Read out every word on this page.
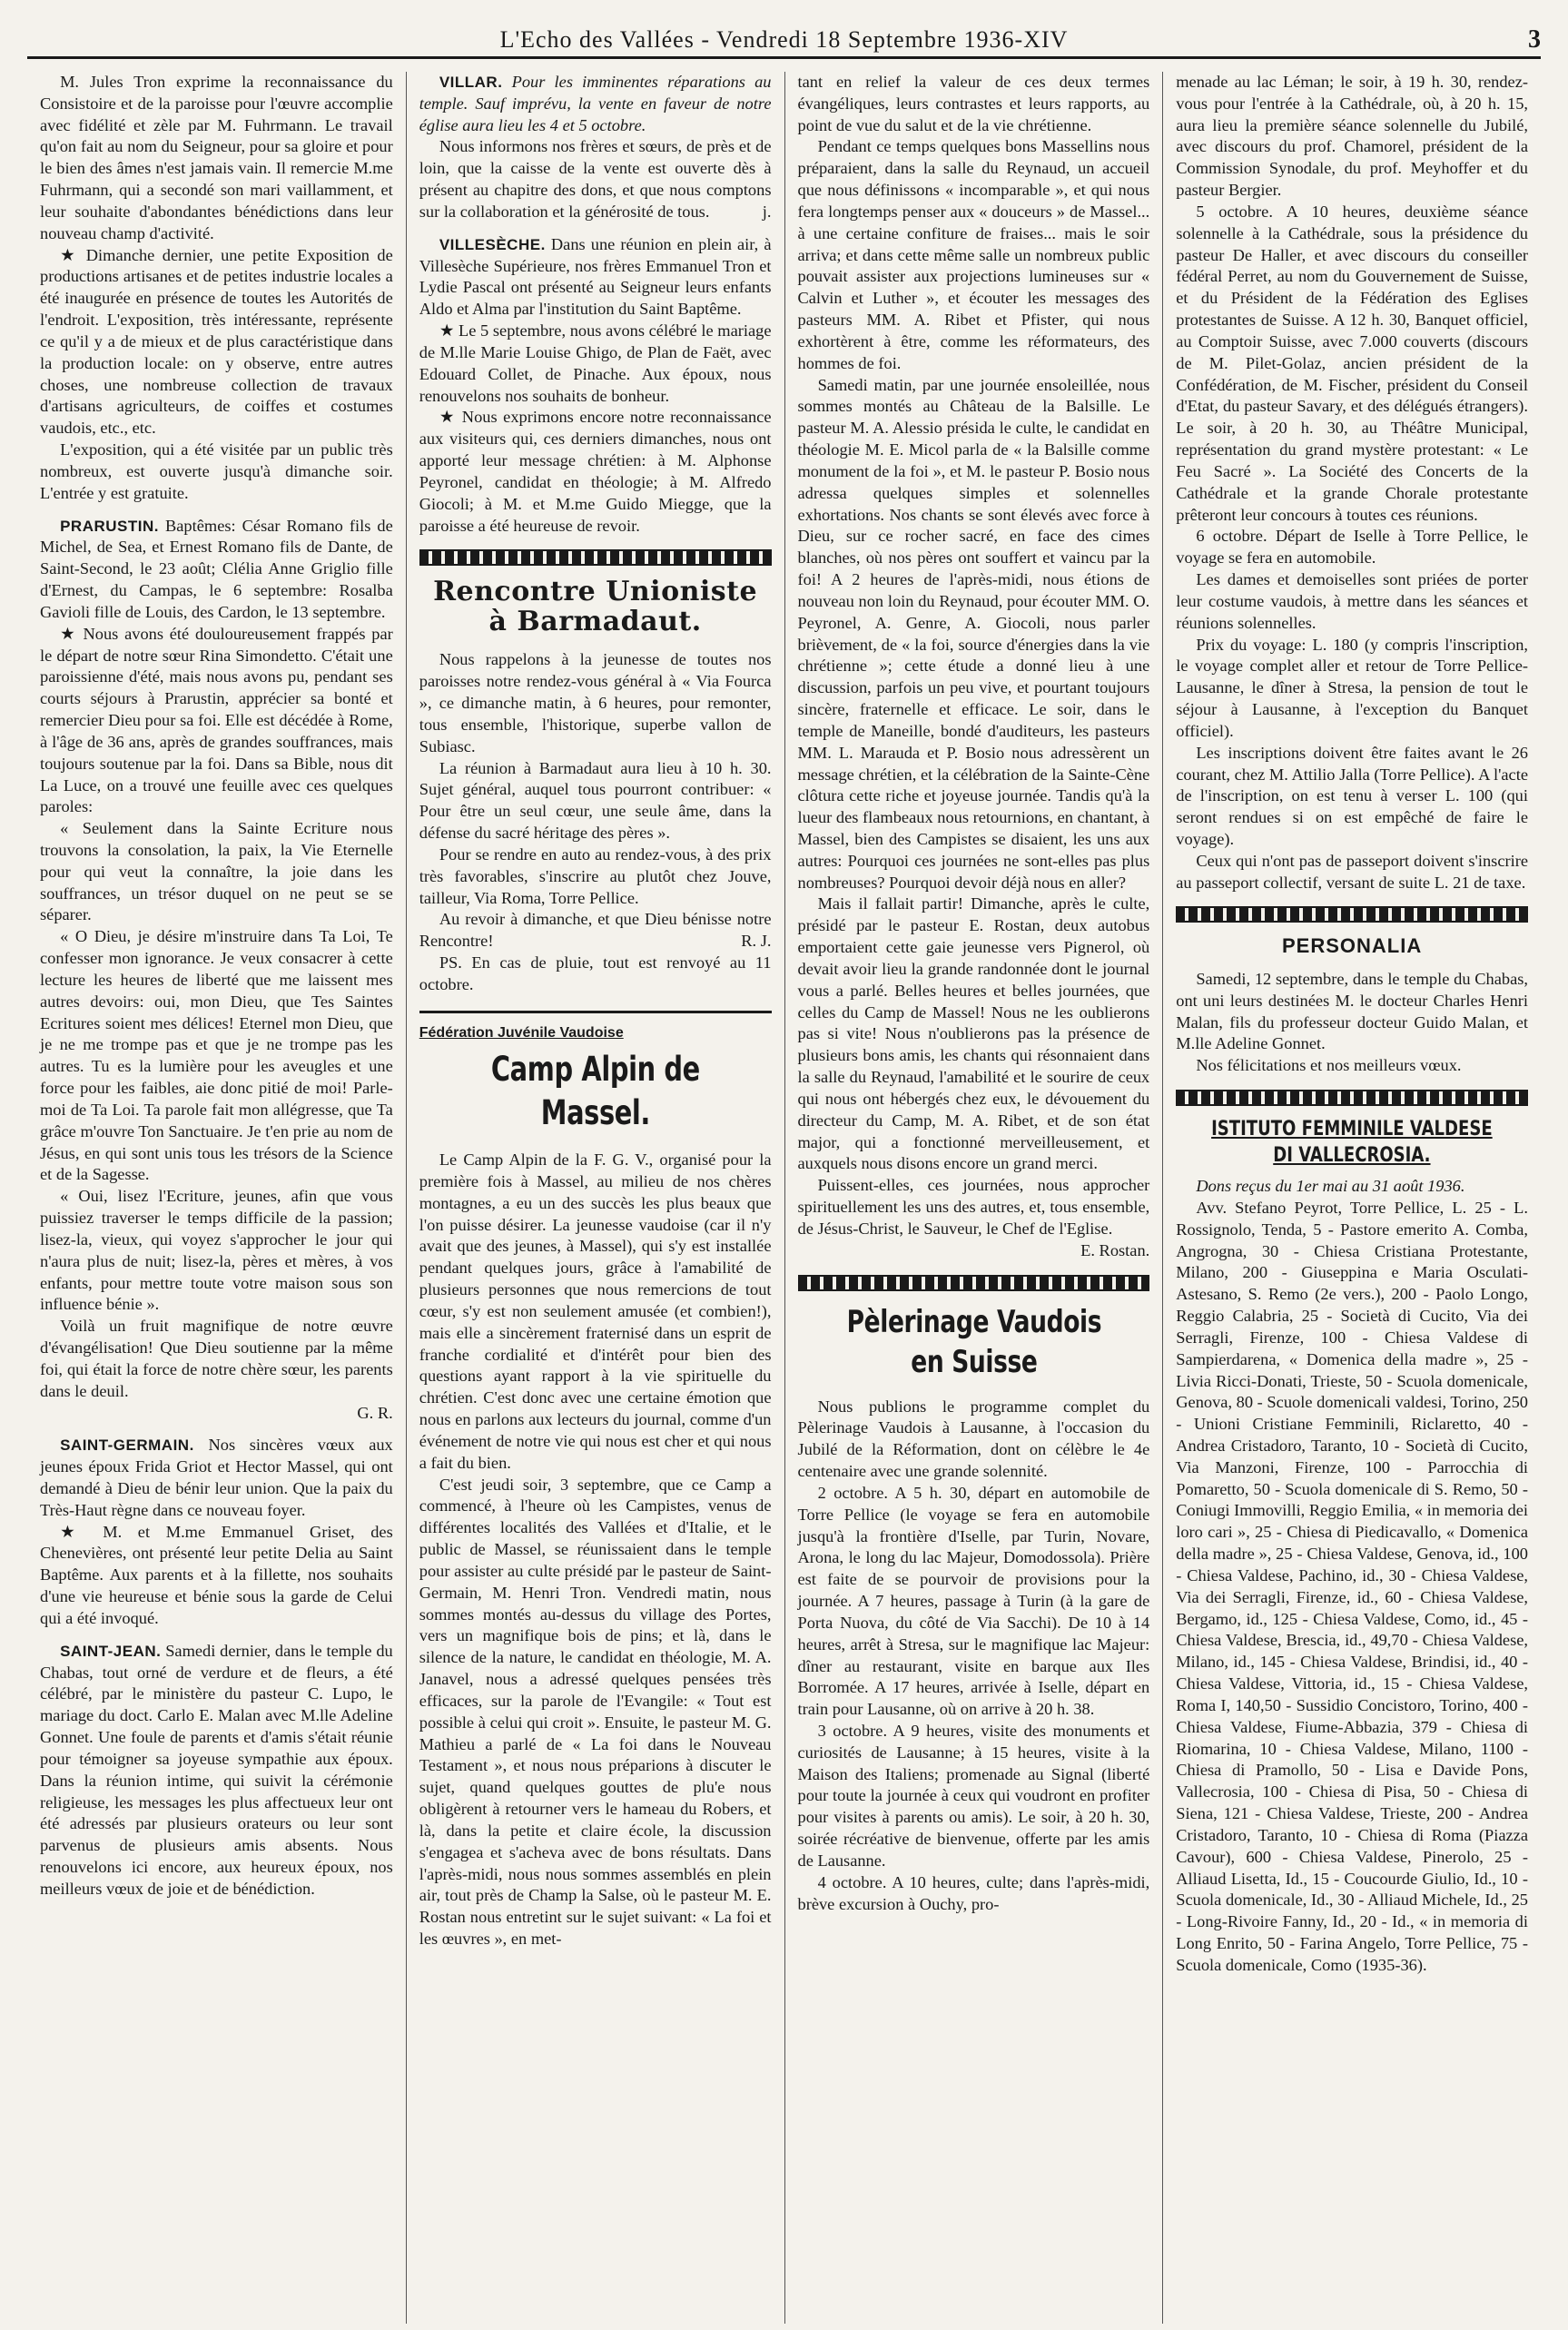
L'Echo des Vallées - Vendredi 18 Septembre 1936-XIV	3

M. Jules Tron exprime la reconnaissance du Consistoire et de la paroisse pour l'œuvre accomplie avec fidélité et zèle par M. Fuhrmann. Le travail qu'on fait au nom du Seigneur, pour sa gloire et pour le bien des âmes n'est jamais vain. Il remercie M.me Fuhrmann, qui a secondé son mari vaillamment, et leur souhaite d'abondantes bénédictions dans leur nouveau champ d'activité.

★ Dimanche dernier, une petite Exposition de productions artisanes et de petites industrie locales a été inaugurée en présence de toutes les Autorités de l'endroit. L'exposition, très intéressante, représente ce qu'il y a de mieux et de plus caractéristique dans la production locale: on y observe, entre autres choses, une nombreuse collection de travaux d'artisans agriculteurs, de coiffes et costumes vaudois, etc., etc.

L'exposition, qui a été visitée par un public très nombreux, est ouverte jusqu'à dimanche soir. L'entrée y est gratuite.

PRARUSTIN. Baptêmes: César Romano fils de Michel, de Sea, et Ernest Romano fils de Dante, de Saint-Second, le 23 août; Clélia Anne Griglio fille d'Ernest, du Campas, le 6 septembre: Rosalba Gavioli fille de Louis, des Cardon, le 13 septembre.

★ Nous avons été douloureusement frappés par le départ de notre sœur Rina Simondetto. C'était une paroissienne d'été, mais nous avons pu, pendant ses courts séjours à Prarustin, apprécier sa bonté et remercier Dieu pour sa foi. Elle est décédée à Rome, à l'âge de 36 ans, après de grandes souffrances, mais toujours soutenue par la foi. Dans sa Bible, nous dit La Luce, on a trouvé une feuille avec ces quelques paroles:

« Seulement dans la Sainte Ecriture nous trouvons la consolation, la paix, la Vie Eternelle pour qui veut la connaître, la joie dans les souffrances, un trésor duquel on ne peut se se séparer.

« O Dieu, je désire m'instruire dans Ta Loi, Te confesser mon ignorance. Je veux consacrer à cette lecture les heures de liberté que me laissent mes autres devoirs: oui, mon Dieu, que Tes Saintes Ecritures soient mes délices! Eternel mon Dieu, que je ne me trompe pas et que je ne trompe pas les autres. Tu es la lumière pour les aveugles et une force pour les faibles, aie donc pitié de moi! Parle-moi de Ta Loi. Ta parole fait mon allégresse, que Ta grâce m'ouvre Ton Sanctuaire. Je t'en prie au nom de Jésus, en qui sont unis tous les trésors de la Science et de la Sagesse.

« Oui, lisez l'Ecriture, jeunes, afin que vous puissiez traverser le temps difficile de la passion; lisez-la, vieux, qui voyez s'approcher le jour qui n'aura plus de nuit; lisez-la, pères et mères, à vos enfants, pour mettre toute votre maison sous son influence bénie ».

Voilà un fruit magnifique de notre œuvre d'évangélisation! Que Dieu soutienne par la même foi, qui était la force de notre chère sœur, les parents dans le deuil.

G. R.

SAINT-GERMAIN. Nos sincères vœux aux jeunes époux Frida Griot et Hector Massel, qui ont demandé à Dieu de bénir leur union. Que la paix du Très-Haut règne dans ce nouveau foyer.

★ M. et M.me Emmanuel Griset, des Chenevières, ont présenté leur petite Delia au Saint Baptême. Aux parents et à la fillette, nos souhaits d'une vie heureuse et bénie sous la garde de Celui qui a été invoqué.

SAINT-JEAN. Samedi dernier, dans le temple du Chabas, tout orné de verdure et de fleurs, a été célébré, par le ministère du pasteur C. Lupo, le mariage du doct. Carlo E. Malan avec M.lle Adeline Gonnet. Une foule de parents et d'amis s'était réunie pour témoigner sa joyeuse sympathie aux époux. Dans la réunion intime, qui suivit la cérémonie religieuse, les messages les plus affectueux leur ont été adressés par plusieurs orateurs ou leur sont parvenus de plusieurs amis absents. Nous renouvelons ici encore, aux heureux époux, nos meilleurs vœux de joie et de bénédiction.

VILLAR. Pour les imminentes réparations au temple. Sauf imprévu, la vente en faveur de notre église aura lieu les 4 et 5 octobre.

Nous informons nos frères et sœurs, de près et de loin, que la caisse de la vente est ouverte dès à présent au chapitre des dons, et que nous comptons sur la collaboration et la générosité de tous.	j.

VILLESÈCHE. Dans une réunion en plein air, à Villesèche Supérieure, nos frères Emmanuel Tron et Lydie Pascal ont présenté au Seigneur leurs enfants Aldo et Alma par l'institution du Saint Baptême.

★ Le 5 septembre, nous avons célébré le mariage de M.lle Marie Louise Ghigo, de Plan de Faët, avec Edouard Collet, de Pinache. Aux époux, nous renouvelons nos souhaits de bonheur.

★ Nous exprimons encore notre reconnaissance aux visiteurs qui, ces derniers dimanches, nous ont apporté leur message chrétien: à M. Alphonse Peyronel, candidat en théologie; à M. Alfredo Giocoli; à M. et M.me Guido Miegge, que la paroisse a été heureuse de revoir.

Rencontre Unioniste à Barmadaut.

Nous rappelons à la jeunesse de toutes nos paroisses notre rendez-vous général à « Via Fourca », ce dimanche matin, à 6 heures, pour remonter, tous ensemble, l'historique, superbe vallon de Subiasc.

La réunion à Barmadaut aura lieu à 10 h. 30. Sujet général, auquel tous pourront contribuer: « Pour être un seul cœur, une seule âme, dans la défense du sacré héritage des pères ».

Pour se rendre en auto au rendez-vous, à des prix très favorables, s'inscrire au plutôt chez Jouve, tailleur, Via Roma, Torre Pellice.

Au revoir à dimanche, et que Dieu bénisse notre Rencontre!	R. J.

PS. En cas de pluie, tout est renvoyé au 11 octobre.

Fédération Juvénile Vaudoise
Camp Alpin de Massel.

Le Camp Alpin de la F. G. V., organisé pour la première fois à Massel, au milieu de nos chères montagnes, a eu un des succès les plus beaux que l'on puisse désirer. La jeunesse vaudoise (car il n'y avait que des jeunes, à Massel), qui s'y est installée pendant quelques jours, grâce à l'amabilité de plusieurs personnes que nous remercions de tout cœur, s'y est non seulement amusée (et combien!), mais elle a sincèrement fraternisé dans un esprit de franche cordialité et d'intérêt pour bien des questions ayant rapport à la vie spirituelle du chrétien. C'est donc avec une certaine émotion que nous en parlons aux lecteurs du journal, comme d'un événement de notre vie qui nous est cher et qui nous a fait du bien.

C'est jeudi soir, 3 septembre, que ce Camp a commencé, à l'heure où les Campistes, venus de différentes localités des Vallées et d'Italie, et le public de Massel, se réunissaient dans le temple pour assister au culte présidé par le pasteur de Saint-Germain, M. Henri Tron. Vendredi matin, nous sommes montés au-dessus du village des Portes, vers un magnifique bois de pins; et là, dans le silence de la nature, le candidat en théologie, M. A. Janavel, nous a adressé quelques pensées très efficaces, sur la parole de l'Evangile: « Tout est possible à celui qui croit ». Ensuite, le pasteur M. G. Mathieu a parlé de « La foi dans le Nouveau Testament », et nous nous préparions à discuter le sujet, quand quelques gouttes de plu'e nous obligèrent à retourner vers le hameau du Robers, et là, dans la petite et claire école, la discussion s'engagea et s'acheva avec de bons résultats. Dans l'après-midi, nous nous sommes assemblés en plein air, tout près de Champ la Salse, où le pasteur M. E. Rostan nous entretint sur le sujet suivant: « La foi et les œuvres », en met-

tant en relief la valeur de ces deux termes évangéliques, leurs contrastes et leurs rapports, au point de vue du salut et de la vie chrétienne.

Pendant ce temps quelques bons Massellins nous préparaient, dans la salle du Reynaud, un accueil que nous définissons « incomparable », et qui nous fera longtemps penser aux « douceurs » de Massel... à une certaine confiture de fraises... mais le soir arriva; et dans cette même salle un nombreux public pouvait assister aux projections lumineuses sur « Calvin et Luther », et écouter les messages des pasteurs MM. A. Ribet et Pfister, qui nous exhortèrent à être, comme les réformateurs, des hommes de foi.

Samedi matin, par une journée ensoleillée, nous sommes montés au Château de la Balsille. Le pasteur M. A. Alessio présida le culte, le candidat en théologie M. E. Micol parla de « la Balsille comme monument de la foi », et M. le pasteur P. Bosio nous adressa quelques simples et solennelles exhortations. Nos chants se sont élevés avec force à Dieu, sur ce rocher sacré, en face des cimes blanches, où nos pères ont souffert et vaincu par la foi! A 2 heures de l'après-midi, nous étions de nouveau non loin du Reynaud, pour écouter MM. O. Peyronel, A. Genre, A. Giocoli, nous parler brièvement, de « la foi, source d'énergies dans la vie chrétienne »; cette étude a donné lieu à une discussion, parfois un peu vive, et pourtant toujours sincère, fraternelle et efficace. Le soir, dans le temple de Maneille, bondé d'auditeurs, les pasteurs MM. L. Marauda et P. Bosio nous adressèrent un message chrétien, et la célébration de la Sainte-Cène clôtura cette riche et joyeuse journée. Tandis qu'à la lueur des flambeaux nous retournions, en chantant, à Massel, bien des Campistes se disaient, les uns aux autres: Pourquoi ces journées ne sont-elles pas plus nombreuses? Pourquoi devoir déjà nous en aller?

Mais il fallait partir! Dimanche, après le culte, présidé par le pasteur E. Rostan, deux autobus emportaient cette gaie jeunesse vers Pignerol, où devait avoir lieu la grande randonnée dont le journal vous a parlé. Belles heures et belles journées, que celles du Camp de Massel! Nous ne les oublierons pas si vite! Nous n'oublierons pas la présence de plusieurs bons amis, les chants qui résonnaient dans la salle du Reynaud, l'amabilité et le sourire de ceux qui nous ont hébergés chez eux, le dévouement du directeur du Camp, M. A. Ribet, et de son état major, qui a fonctionné merveilleusement, et auxquels nous disons encore un grand merci.

Puissent-elles, ces journées, nous approcher spirituellement les uns des autres, et, tous ensemble, de Jésus-Christ, le Sauveur, le Chef de l'Eglise.

E. Rostan.

Pèlerinage Vaudois en Suisse

Nous publions le programme complet du Pèlerinage Vaudois à Lausanne, à l'occasion du Jubilé de la Réformation, dont on célèbre le 4e centenaire avec une grande solennité.

2 octobre. A 5 h. 30, départ en automobile de Torre Pellice (le voyage se fera en automobile jusqu'à la frontière d'Iselle, par Turin, Novare, Arona, le long du lac Majeur, Domodossola). Prière est faite de se pourvoir de provisions pour la journée. A 7 heures, passage à Turin (à la gare de Porta Nuova, du côté de Via Sacchi). De 10 à 14 heures, arrêt à Stresa, sur le magnifique lac Majeur: dîner au restaurant, visite en barque aux Iles Borromée. A 17 heures, arrivée à Iselle, départ en train pour Lausanne, où on arrive à 20 h. 38.

3 octobre. A 9 heures, visite des monuments et curiosités de Lausanne; à 15 heures, visite à la Maison des Italiens; promenade au Signal (liberté pour toute la journée à ceux qui voudront en profiter pour visites à parents ou amis). Le soir, à 20 h. 30, soirée récréative de bienvenue, offerte par les amis de Lausanne.

4 octobre. A 10 heures, culte; dans l'après-midi, brève excursion à Ouchy, pro-

menade au lac Léman; le soir, à 19 h. 30, rendez-vous pour l'entrée à la Cathédrale, où, à 20 h. 15, aura lieu la première séance solennelle du Jubilé, avec discours du prof. Chamorel, président de la Commission Synodale, du prof. Meyhoffer et du pasteur Bergier.

5 octobre. A 10 heures, deuxième séance solennelle à la Cathédrale, sous la présidence du pasteur De Haller, et avec discours du conseiller fédéral Perret, au nom du Gouvernement de Suisse, et du Président de la Fédération des Eglises protestantes de Suisse. A 12 h. 30, Banquet officiel, au Comptoir Suisse, avec 7.000 couverts (discours de M. Pilet-Golaz, ancien président de la Confédération, de M. Fischer, président du Conseil d'Etat, du pasteur Savary, et des délégués étrangers). Le soir, à 20 h. 30, au Théâtre Municipal, représentation du grand mystère protestant: « Le Feu Sacré ». La Société des Concerts de la Cathédrale et la grande Chorale protestante prêteront leur concours à toutes ces réunions.

6 octobre. Départ de Iselle à Torre Pellice, le voyage se fera en automobile.

Les dames et demoiselles sont priées de porter leur costume vaudois, à mettre dans les séances et réunions solennelles.

Prix du voyage: L. 180 (y compris l'inscription, le voyage complet aller et retour de Torre Pellice-Lausanne, le dîner à Stresa, la pension de tout le séjour à Lausanne, à l'exception du Banquet officiel).

Les inscriptions doivent être faites avant le 26 courant, chez M. Attilio Jalla (Torre Pellice). A l'acte de l'inscription, on est tenu à verser L. 100 (qui seront rendues si on est empêché de faire le voyage).

Ceux qui n'ont pas de passeport doivent s'inscrire au passeport collectif, versant de suite L. 21 de taxe.

PERSONALIA

Samedi, 12 septembre, dans le temple du Chabas, ont uni leurs destinées M. le docteur Charles Henri Malan, fils du professeur docteur Guido Malan, et M.lle Adeline Gonnet.

Nos félicitations et nos meilleurs vœux.

ISTITUTO FEMMINILE VALDESE DI VALLECROSIA.

Dons reçus du 1er mai au 31 août 1936.

Avv. Stefano Peyrot, Torre Pellice, L. 25 - L. Rossignolo, Tenda, 5 - Pastore emerito A. Comba, Angrogna, 30 - Chiesa Cristiana Protestante, Milano, 200 - Giuseppina e Maria Osculati-Astesano, S. Remo (2e vers.), 200 - Paolo Longo, Reggio Calabria, 25 - Società di Cucito, Via dei Serragli, Firenze, 100 - Chiesa Valdese di Sampierdarena, « Domenica della madre », 25 - Livia Ricci-Donati, Trieste, 50 - Scuola domenicale, Genova, 80 - Scuole domenicali valdesi, Torino, 250 - Unioni Cristiane Femminili, Riclaretto, 40 - Andrea Cristadoro, Taranto, 10 - Società di Cucito, Via Manzoni, Firenze, 100 - Parrocchia di Pomaretto, 50 - Scuola domenicale di S. Remo, 50 - Coniugi Immovilli, Reggio Emilia, « in memoria dei loro cari », 25 - Chiesa di Piedicavallo, « Domenica della madre », 25 - Chiesa Valdese, Genova, id., 100 - Chiesa Valdese, Pachino, id., 30 - Chiesa Valdese, Via dei Serragli, Firenze, id., 60 - Chiesa Valdese, Bergamo, id., 125 - Chiesa Valdese, Como, id., 45 - Chiesa Valdese, Brescia, id., 49,70 - Chiesa Valdese, Milano, id., 145 - Chiesa Valdese, Brindisi, id., 40 - Chiesa Valdese, Vittoria, id., 15 - Chiesa Valdese, Roma I, 140,50 - Sussidio Concistoro, Torino, 400 - Chiesa Valdese, Fiume-Abbazia, 379 - Chiesa di Riomarina, 10 - Chiesa Valdese, Milano, 1100 - Chiesa di Pramollo, 50 - Lisa e Davide Pons, Vallecrosia, 100 - Chiesa di Pisa, 50 - Chiesa di Siena, 121 - Chiesa Valdese, Trieste, 200 - Andrea Cristadoro, Taranto, 10 - Chiesa di Roma (Piazza Cavour), 600 - Chiesa Valdese, Pinerolo, 25 - Alliaud Lisetta, Id., 15 - Coucourde Giulio, Id., 10 - Scuola domenicale, Id., 30 - Alliaud Michele, Id., 25 - Long-Rivoire Fanny, Id., 20 - Id., « in memoria di Long Enrito, 50 - Farina Angelo, Torre Pellice, 75 - Scuola domenicale, Como (1935-36).
